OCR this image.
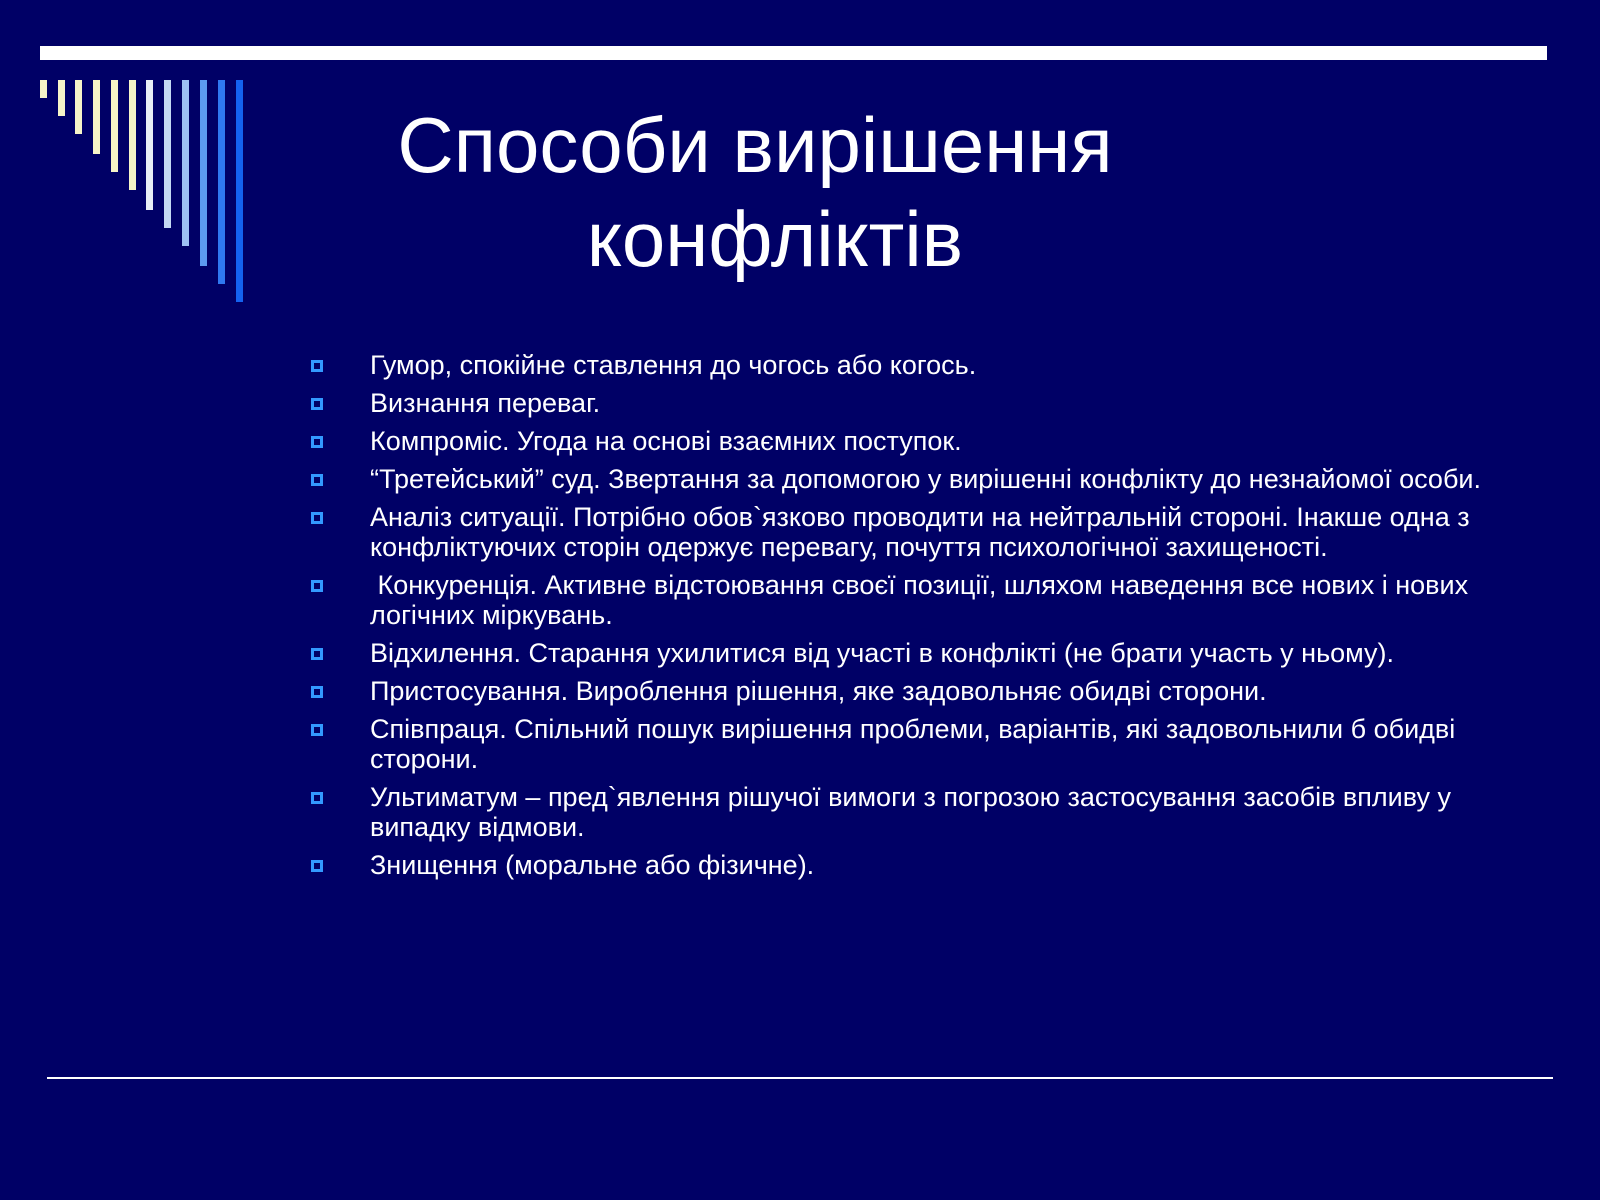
Способи вирішення
конфліктів
Гумор, спокійне ставлення до чогось або когось.
Визнання переваг.
Компроміс. Угода на основі взаємних поступок.
“Третейський” суд. Звертання за допомогою у вирішенні конфлікту до незнайомої особи.
Аналіз ситуації. Потрібно обов`язково проводити на нейтральній стороні. Інакше одна з конфліктуючих сторін одержує перевагу, почуття психологічної захищеності.
Конкуренція. Активне відстоювання своєї позиції, шляхом наведення все нових і нових логічних міркувань.
Відхилення. Старання ухилитися від участі в конфлікті (не брати участь у ньому).
Пристосування. Вироблення рішення, яке задовольняє обидві сторони.
Співпраця. Спільний пошук вирішення проблеми, варіантів, які задовольнили б обидві сторони.
Ультиматум – пред`явлення рішучої вимоги з погрозою застосування засобів впливу у випадку відмови.
Знищення (моральне або фізичне).
